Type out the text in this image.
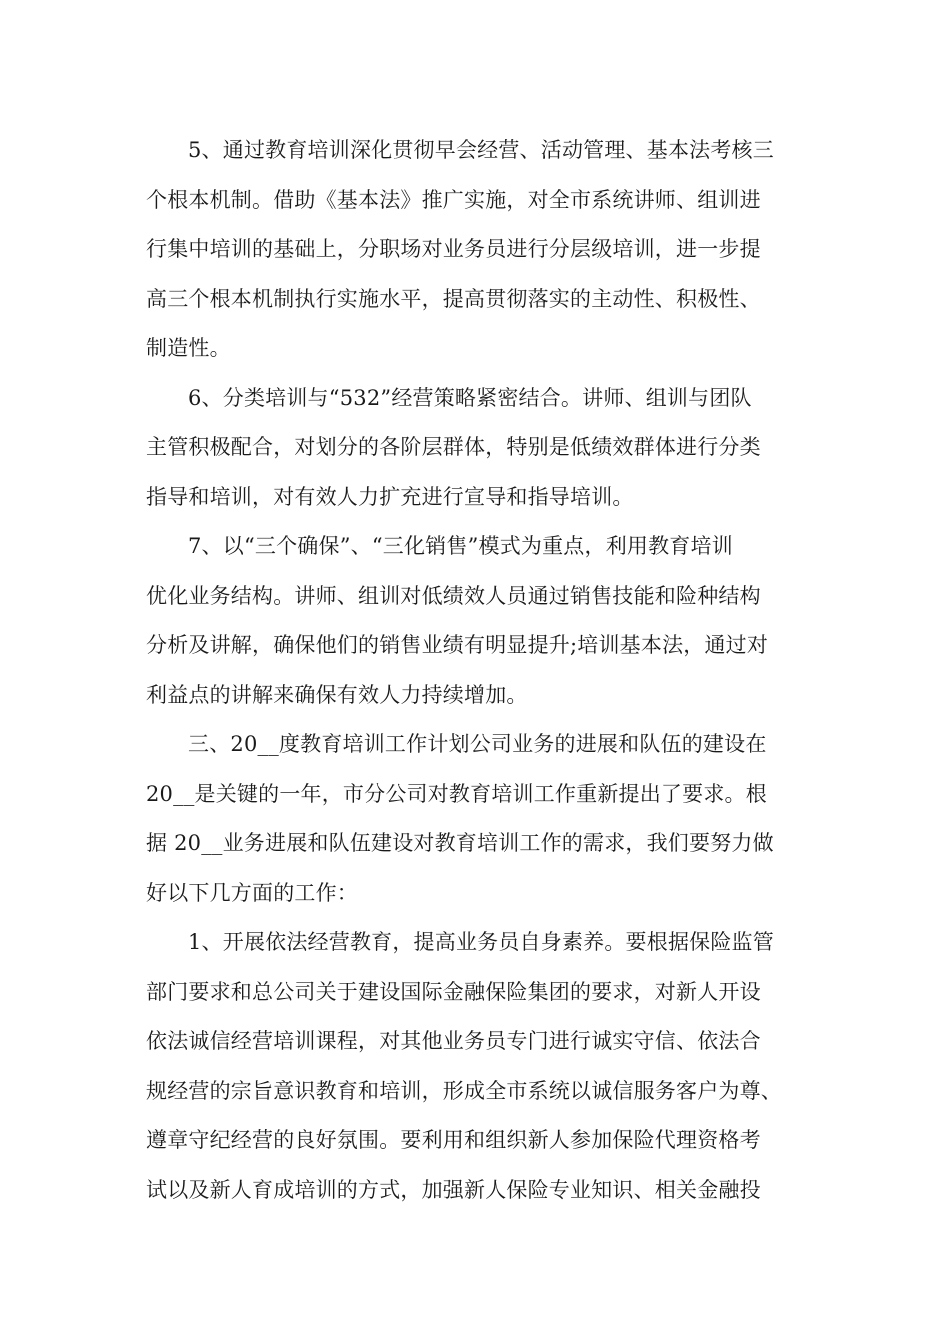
5、通过教育培训深化贯彻早会经营、活动管理、基本法考核三
个根本机制。借助《基本法》推广实施，对全市系统讲师、组训进
行集中培训的基础上，分职场对业务员进行分层级培训，进一步提
高三个根本机制执行实施水平，提高贯彻落实的主动性、积极性、
制造性。
6、分类培训与“532”经营策略紧密结合。讲师、组训与团队
主管积极配合，对划分的各阶层群体，特别是低绩效群体进行分类
指导和培训，对有效人力扩充进行宣导和指导培训。
7、以“三个确保”、“三化销售”模式为重点，利用教育培训
优化业务结构。讲师、组训对低绩效人员通过销售技能和险种结构
分析及讲解，确保他们的销售业绩有明显提升;培训基本法，通过对
利益点的讲解来确保有效人力持续增加。
三、20__度教育培训工作计划公司业务的进展和队伍的建设在
20__是关键的一年，市分公司对教育培训工作重新提出了要求。根
据 20__业务进展和队伍建设对教育培训工作的需求，我们要努力做
好以下几方面的工作：
1、开展依法经营教育，提高业务员自身素养。要根据保险监管
部门要求和总公司关于建设国际金融保险集团的要求，对新人开设
依法诚信经营培训课程，对其他业务员专门进行诚实守信、依法合
规经营的宗旨意识教育和培训，形成全市系统以诚信服务客户为尊、
遵章守纪经营的良好氛围。要利用和组织新人参加保险代理资格考
试以及新人育成培训的方式，加强新人保险专业知识、相关金融投
